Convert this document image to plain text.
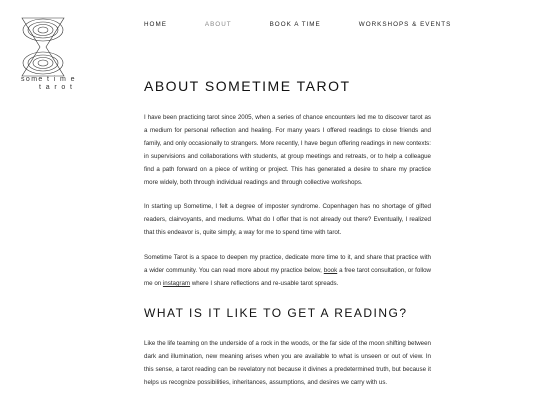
some t i m e
t a r o t
HOME	ABOUT	BOOK A TIME	WORKSHOPS & EVENTS
ABOUT SOMETIME TAROT

I have been practicing tarot since 2005, when a series of chance encounters led me to discover tarot as a medium for personal reflection and healing. For many years I offered readings to close friends and family, and only occasionally to strangers. More recently, I have begun offering readings in new contexts: in supervisions and collaborations with students, at group meetings and retreats, or to help a colleague find a path forward on a piece of writing or project. This has generated a desire to share my practice more widely, both through individual readings and through collective workshops.

In starting up Sometime, I felt a degree of imposter syndrome. Copenhagen has no shortage of gifted readers, clairvoyants, and mediums. What do I offer that is not already out there? Eventually, I realized that this endeavor is, quite simply, a way for me to spend time with tarot.

Sometime Tarot is a space to deepen my practice, dedicate more time to it, and share that practice with a wider community. You can read more about my practice below, book a free tarot consultation, or follow me on instagram where I share reflections and re-usable tarot spreads.

WHAT IS IT LIKE TO GET A READING?

Like the life teaming on the underside of a rock in the woods, or the far side of the moon shifting between dark and illumination, new meaning arises when you are available to what is unseen or out of view. In this sense, a tarot reading can be revelatory not because it divines a predetermined truth, but because it helps us recognize possibilities, inheritances, assumptions, and desires we carry with us.
